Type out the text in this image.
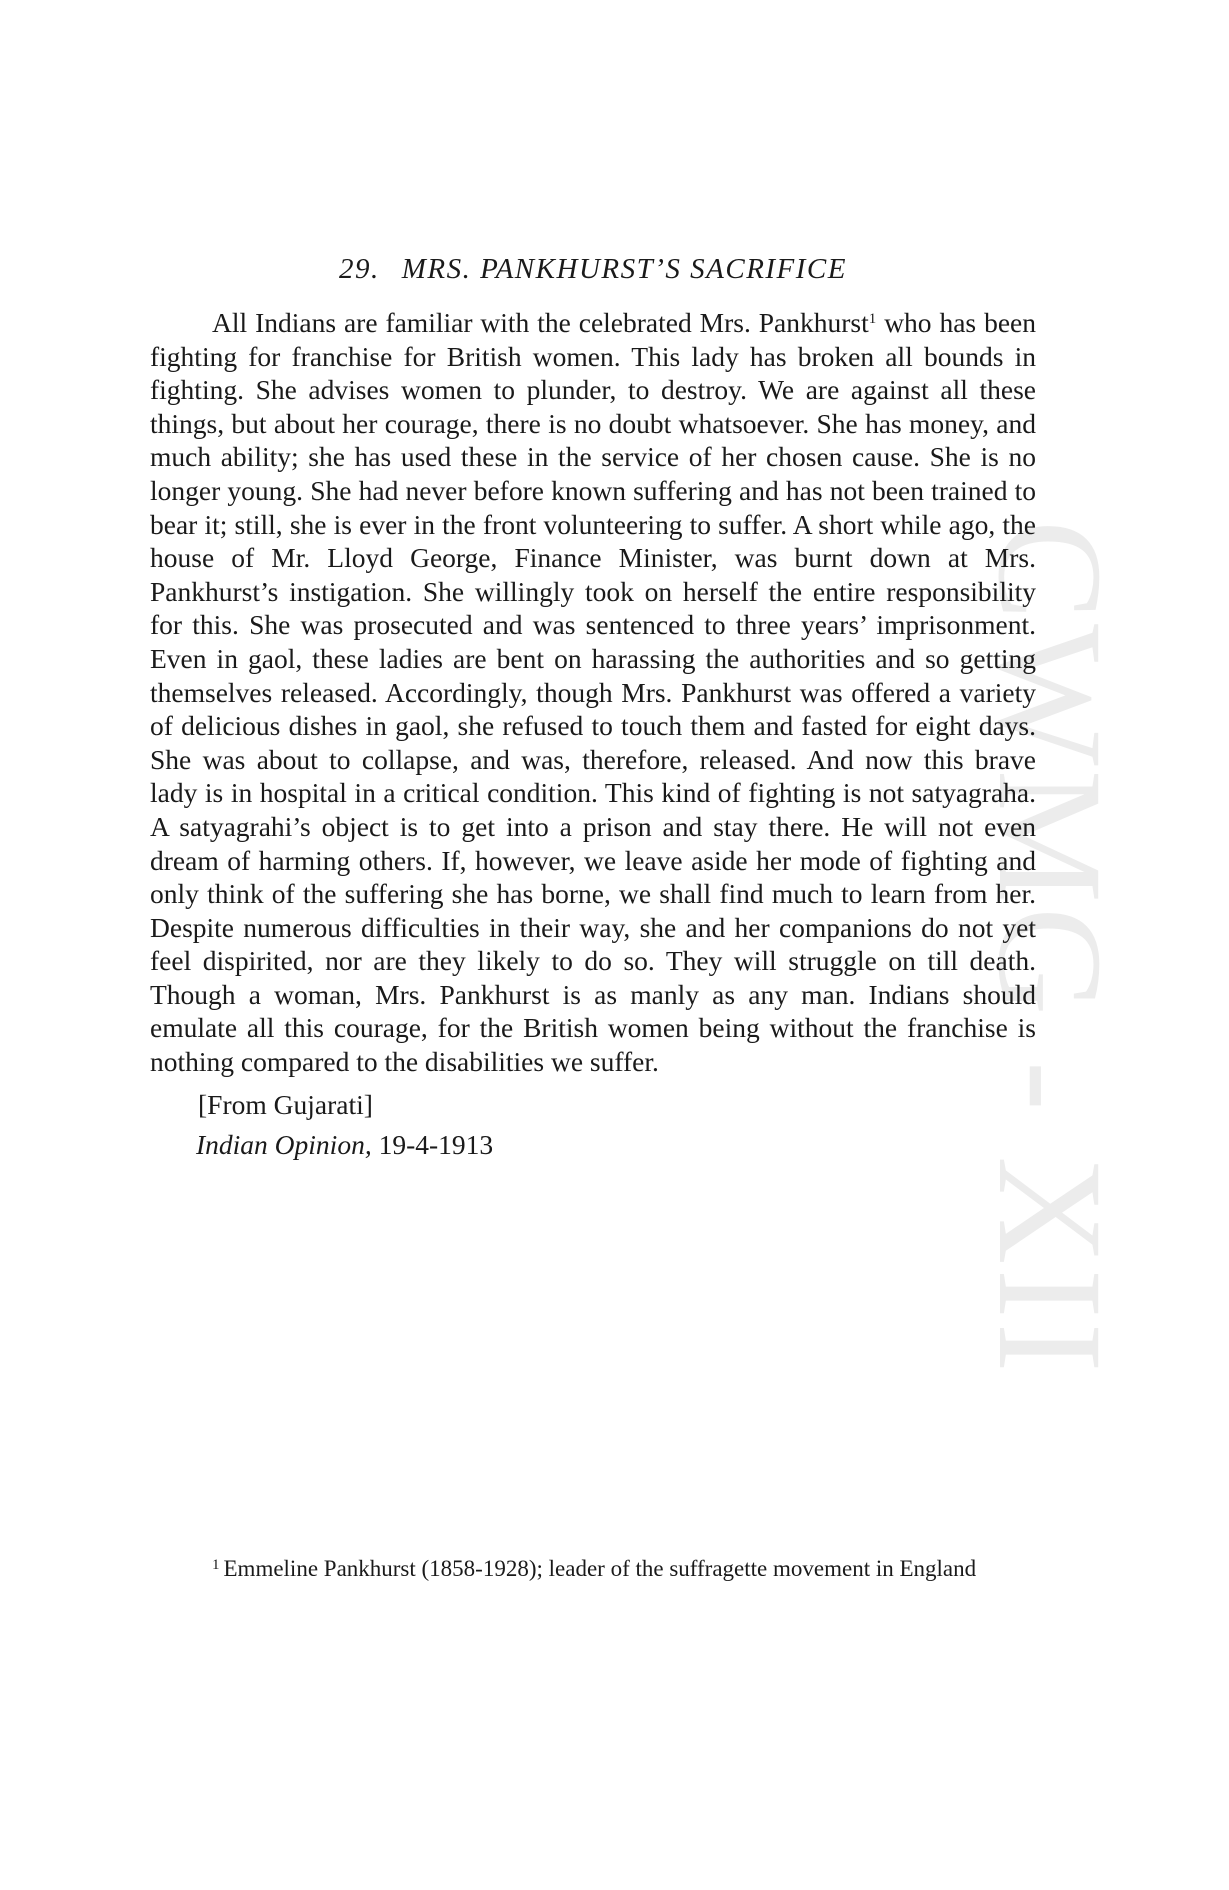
CWMG - XII
29. MRS. PANKHURST’S SACRIFICE

All Indians are familiar with the celebrated Mrs. Pankhurst$^1$ who has been fighting for franchise for British women. This lady has broken all bounds in fighting. She advises women to plunder, to destroy. We are against all these things, but about her courage, there is no doubt whatsoever. She has money, and much ability; she has used these in the service of her chosen cause. She is no longer young. She had never before known suffering and has not been trained to bear it; still, she is ever in the front volunteering to suffer. A short while ago, the house of Mr. Lloyd George, Finance Minister, was burnt down at Mrs. Pankhurst’s instigation. She willingly took on herself the entire responsibility for this. She was prosecuted and was sentenced to three years’ imprisonment. Even in gaol, these ladies are bent on harassing the authorities and so getting themselves released. Accordingly, though Mrs. Pankhurst was offered a variety of delicious dishes in gaol, she refused to touch them and fasted for eight days. She was about to collapse, and was, therefore, released. And now this brave lady is in hospital in a critical condition. This kind of fighting is not satyagraha. A satyagrahi’s object is to get into a prison and stay there. He will not even dream of harming others. If, however, we leave aside her mode of fighting and only think of the suffering she has borne, we shall find much to learn from her. Despite numerous difficulties in their way, she and her companions do not yet feel dispirited, nor are they likely to do so. They will struggle on till death. Though a woman, Mrs. Pankhurst is as manly as any man. Indians should emulate all this courage, for the British women being without the franchise is nothing compared to the disabilities we suffer.

[From Gujarati]
Indian Opinion, 19-4-1913
$^1$ Emmeline Pankhurst (1858-1928); leader of the suffragette movement in England
